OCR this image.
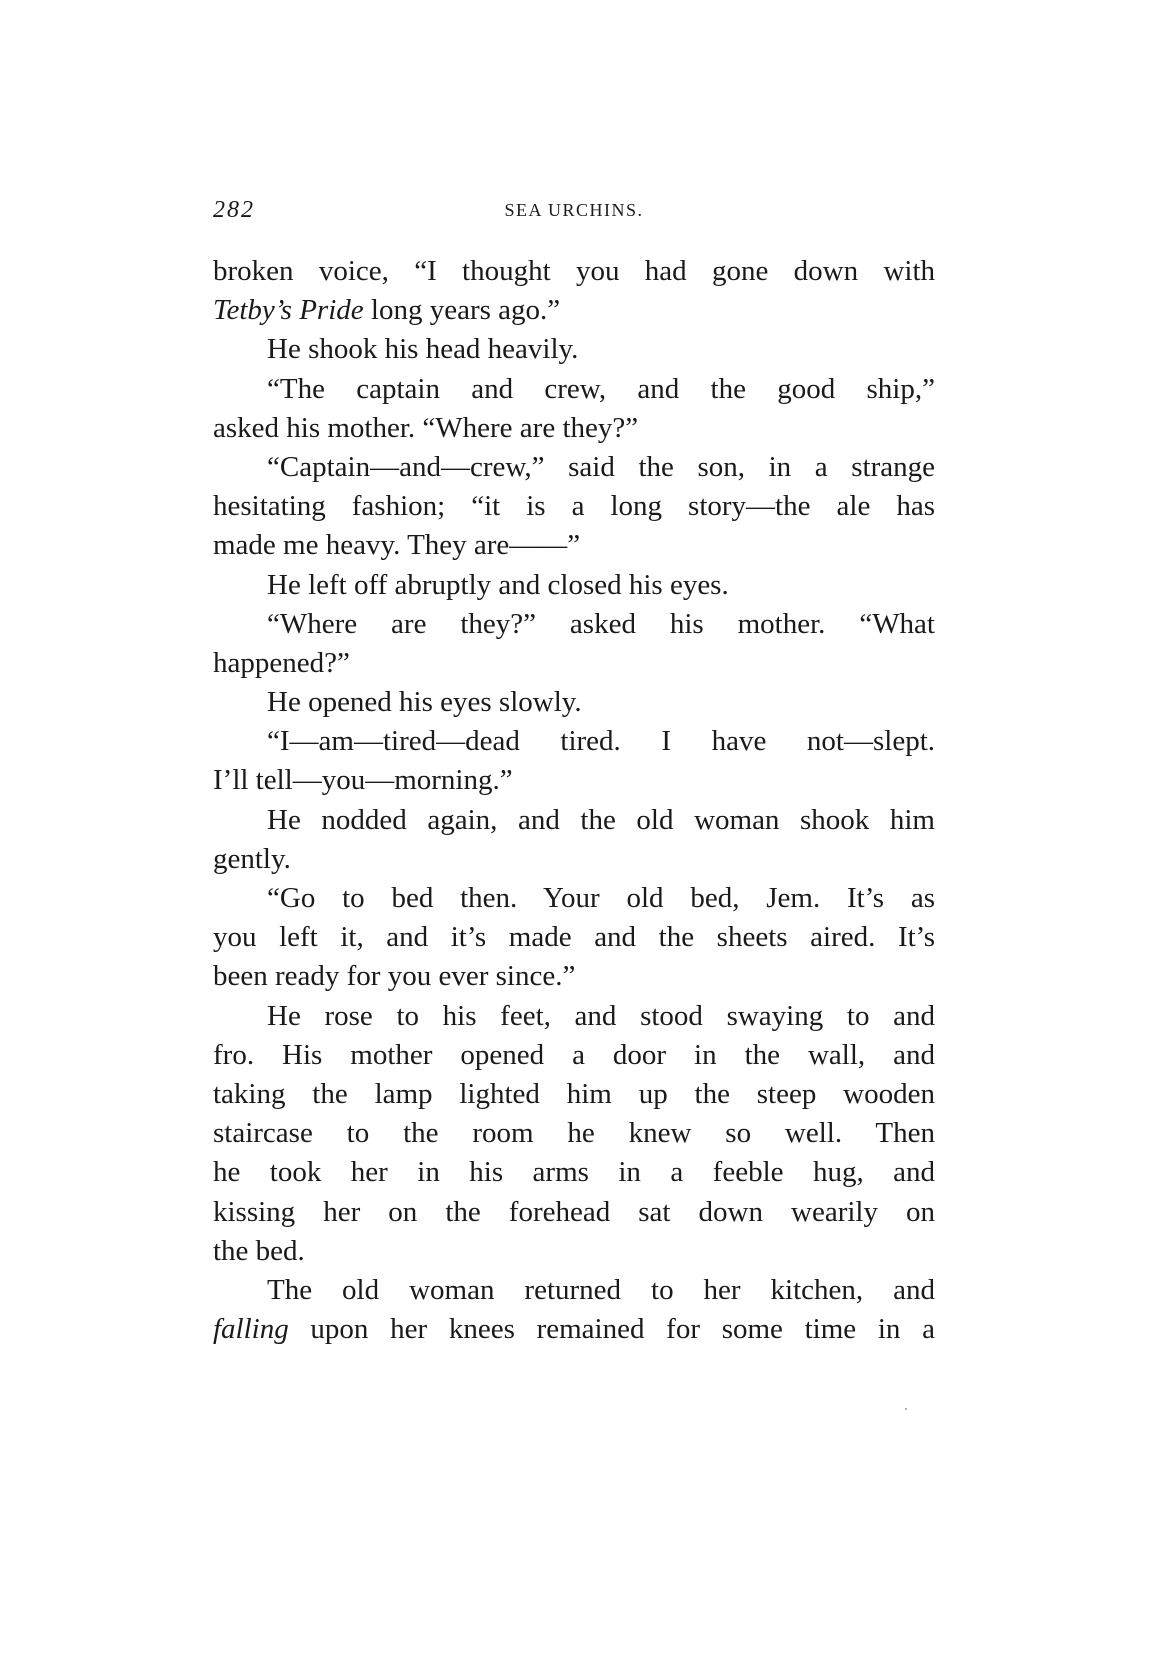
282	SEA URCHINS.
broken voice, “I thought you had gone down with
Tetby’s Pride long years ago.”
He shook his head heavily.
“The captain and crew, and the good ship,”
asked his mother. “Where are they?”
“Captain—and—crew,” said the son, in a strange
hesitating fashion; “it is a long story—the ale has
made me heavy. They are——”
He left off abruptly and closed his eyes.
“Where are they?” asked his mother. “What
happened?”
He opened his eyes slowly.
“I—am—tired—dead tired. I have not—slept.
I’ll tell—you—morning.”
He nodded again, and the old woman shook him
gently.
“Go to bed then. Your old bed, Jem. It’s as
you left it, and it’s made and the sheets aired. It’s
been ready for you ever since.”
He rose to his feet, and stood swaying to and
fro. His mother opened a door in the wall, and
taking the lamp lighted him up the steep wooden
staircase to the room he knew so well. Then
he took her in his arms in a feeble hug, and
kissing her on the forehead sat down wearily on
the bed.
The old woman returned to her kitchen, and
falling upon her knees remained for some time in a
